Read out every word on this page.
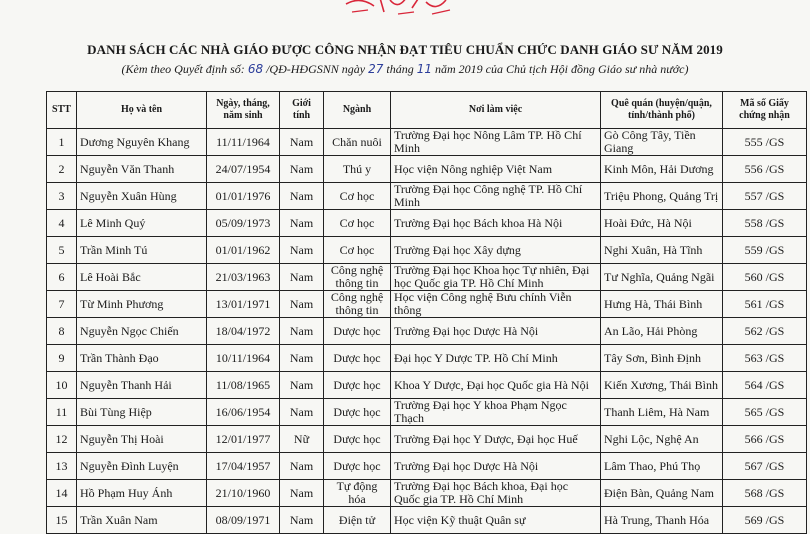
DANH SÁCH CÁC NHÀ GIÁO ĐƯỢC CÔNG NHẬN ĐẠT TIÊU CHUẨN CHỨC DANH GIÁO SƯ NĂM 2019
(Kèm theo Quyết định số: 68 /QĐ-HĐGSNN ngày 27 tháng 11 năm 2019 của Chủ tịch Hội đồng Giáo sư nhà nước)
STT	Họ và tên	Ngày, tháng, năm sinh	Giới tính	Ngành	Nơi làm việc	Quê quán (huyện/quận, tỉnh/thành phố)	Mã số Giấy chứng nhận
1	Dương Nguyên Khang	11/11/1964	Nam	Chăn nuôi	Trường Đại học Nông Lâm TP. Hồ Chí Minh	Gò Công Tây, Tiền Giang	555 /GS
2	Nguyễn Văn Thanh	24/07/1954	Nam	Thú y	Học viện Nông nghiệp Việt Nam	Kinh Môn, Hải Dương	556 /GS
3	Nguyễn Xuân Hùng	01/01/1976	Nam	Cơ học	Trường Đại học Công nghệ TP. Hồ Chí Minh	Triệu Phong, Quảng Trị	557 /GS
4	Lê Minh Quý	05/09/1973	Nam	Cơ học	Trường Đại học Bách khoa Hà Nội	Hoài Đức, Hà Nội	558 /GS
5	Trần Minh Tú	01/01/1962	Nam	Cơ học	Trường Đại học Xây dựng	Nghi Xuân, Hà Tĩnh	559 /GS
6	Lê Hoài Bắc	21/03/1963	Nam	Công nghệ thông tin	Trường Đại học Khoa học Tự nhiên, Đại học Quốc gia TP. Hồ Chí Minh	Tư Nghĩa, Quảng Ngãi	560 /GS
7	Từ Minh Phương	13/01/1971	Nam	Công nghệ thông tin	Học viện Công nghệ Bưu chính Viễn thông	Hưng Hà, Thái Bình	561 /GS
8	Nguyễn Ngọc Chiến	18/04/1972	Nam	Dược học	Trường Đại học Dược Hà Nội	An Lão, Hải Phòng	562 /GS
9	Trần Thành Đạo	10/11/1964	Nam	Dược học	Đại học Y Dược TP. Hồ Chí Minh	Tây Sơn, Bình Định	563 /GS
10	Nguyễn Thanh Hải	11/08/1965	Nam	Dược học	Khoa Y Dược, Đại học Quốc gia Hà Nội	Kiến Xương, Thái Bình	564 /GS
11	Bùi Tùng Hiệp	16/06/1954	Nam	Dược học	Trường Đại học Y khoa Phạm Ngọc Thạch	Thanh Liêm, Hà Nam	565 /GS
12	Nguyễn Thị Hoài	12/01/1977	Nữ	Dược học	Trường Đại học Y Dược, Đại học Huế	Nghi Lộc, Nghệ An	566 /GS
13	Nguyễn Đình Luyện	17/04/1957	Nam	Dược học	Trường Đại học Dược Hà Nội	Lâm Thao, Phú Thọ	567 /GS
14	Hồ Phạm Huy Ánh	21/10/1960	Nam	Tự động hóa	Trường Đại học Bách khoa, Đại học Quốc gia TP. Hồ Chí Minh	Điện Bàn, Quảng Nam	568 /GS
15	Trần Xuân Nam	08/09/1971	Nam	Điện tử	Học viện Kỹ thuật Quân sự	Hà Trung, Thanh Hóa	569 /GS
